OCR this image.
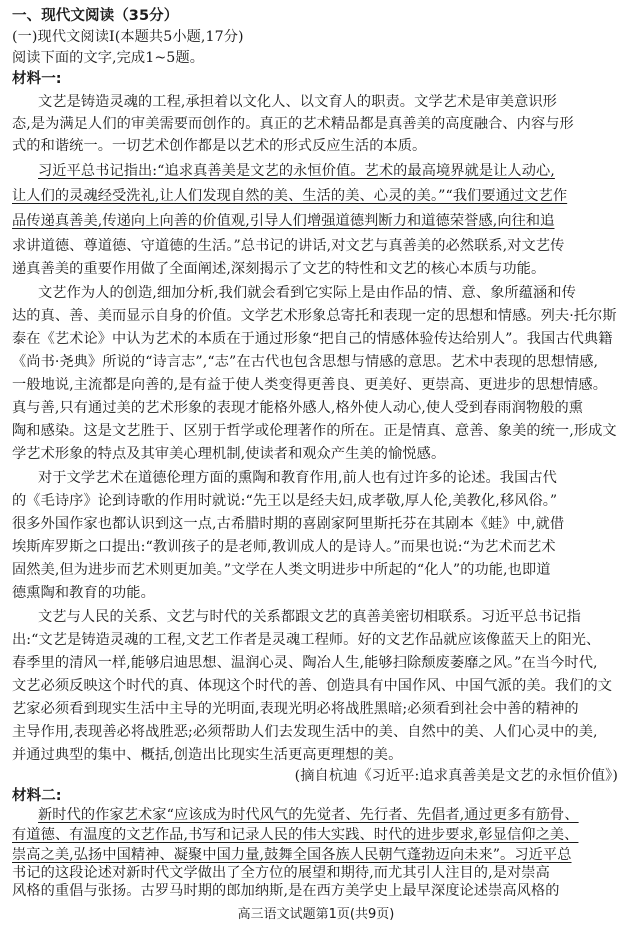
一、现代文阅读（35分）
(一)现代文阅读Ⅰ(本题共5小题,17分)
阅读下面的文字,完成1~5题。
材料一:
文艺是铸造灵魂的工程,承担着以文化人、以文育人的职责。文学艺术是审美意识形
态,是为满足人们的审美需要而创作的。真正的艺术精品都是真善美的高度融合、内容与形
式的和谐统一。一切艺术创作都是以艺术的形式反应生活的本质。
习近平总书记指出:“追求真善美是文艺的永恒价值。艺术的最高境界就是让人动心,
让人们的灵魂经受洗礼,让人们发现自然的美、生活的美、心灵的美。”“我们要通过文艺作
品传递真善美,传递向上向善的价值观,引导人们增强道德判断力和道德荣誉感,向往和追
求讲道德、尊道德、守道德的生活。”总书记的讲话,对文艺与真善美的必然联系,对文艺传
递真善美的重要作用做了全面阐述,深刻揭示了文艺的特性和文艺的核心本质与功能。
文艺作为人的创造,细加分析,我们就会看到它实际上是由作品的情、意、象所蕴涵和传
达的真、善、美而显示自身的价值。文学艺术形象总寄托和表现一定的思想和情感。列夫·托尔斯
泰在《艺术论》中认为艺术的本质在于通过形象“把自己的情感体验传达给别人”。我国古代典籍
《尚书·尧典》所说的“诗言志”,“志”在古代也包含思想与情感的意思。艺术中表现的思想情感,
一般地说,主流都是向善的,是有益于使人类变得更善良、更美好、更崇高、更进步的思想情感。
真与善,只有通过美的艺术形象的表现才能格外感人,格外使人动心,使人受到春雨润物般的熏
陶和感染。这是文艺胜于、区别于哲学或伦理著作的所在。正是情真、意善、象美的统一,形成文
学艺术形象的特点及其审美心理机制,使读者和观众产生美的愉悦感。
对于文学艺术在道德伦理方面的熏陶和教育作用,前人也有过许多的论述。我国古代
的《毛诗序》论到诗歌的作用时就说:“先王以是经夫妇,成孝敬,厚人伦,美教化,移风俗。”
很多外国作家也都认识到这一点,古希腊时期的喜剧家阿里斯托芬在其剧本《蛙》中,就借
埃斯库罗斯之口提出:“教训孩子的是老师,教训成人的是诗人。”而果也说:“为艺术而艺术
固然美,但为进步而艺术则更加美。”文学在人类文明进步中所起的“化人”的功能,也即道
德熏陶和教育的功能。
文艺与人民的关系、文艺与时代的关系都跟文艺的真善美密切相联系。习近平总书记指
出:“文艺是铸造灵魂的工程,文艺工作者是灵魂工程师。好的文艺作品就应该像蓝天上的阳光、
春季里的清风一样,能够启迪思想、温润心灵、陶冶人生,能够扫除颓废萎靡之风。”在当今时代,
文艺必须反映这个时代的真、体现这个时代的善、创造具有中国作风、中国气派的美。我们的文
艺家必须看到现实生活中主导的光明面,表现光明必将战胜黑暗;必须看到社会中善的精神的
主导作用,表现善必将战胜恶;必须帮助人们去发现生活中的美、自然中的美、人们心灵中的美,
并通过典型的集中、概括,创造出比现实生活更高更理想的美。
(摘自杭迪《习近平:追求真善美是文艺的永恒价值》)
材料二:
新时代的作家艺术家“应该成为时代风气的先觉者、先行者、先倡者,通过更多有筋骨、
有道德、有温度的文艺作品,书写和记录人民的伟大实践、时代的进步要求,彰显信仰之美、
崇高之美,弘扬中国精神、凝聚中国力量,鼓舞全国各族人民朝气蓬勃迈向未来”。习近平总
书记的这段论述对新时代文学做出了全方位的展望和期待,而尤其引人注目的,是对崇高
高三语文试题第1页(共9页)
风格的重倡与张扬。古罗马时期的郎加纳斯,是在西方美学史上最早深度论述崇高风格的
